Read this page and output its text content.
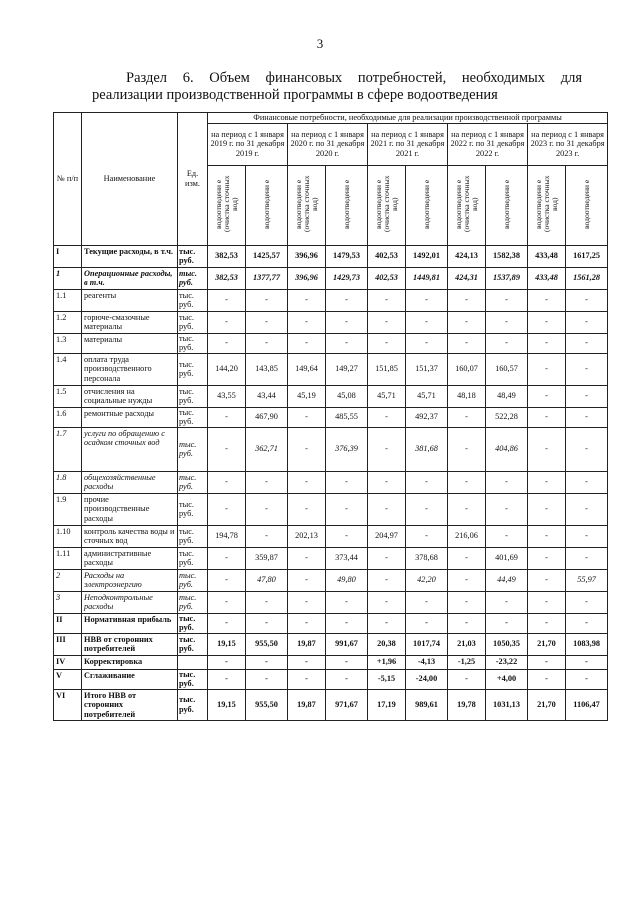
3
Раздел 6. Объем финансовых потребностей, необходимых для
реализации производственной программы в сфере водоотведения
№ п/п	Наименование	Ед. изм.	Финансовые потребности, необходимые для реализации производственной программы									
			на период с 1 января 2019 г. по 31 декабря 2019 г.		на период с 1 января 2020 г. по 31 декабря 2020 г.		на период с 1 января 2021 г. по 31 декабря 2021 г.		на период с 1 января 2022 г. по 31 декабря 2022 г.		на период с 1 января 2023 г. по 31 декабря 2023 г.	
			водоотведени е (очистка сточных вод)	водоотведени е	водоотведени е (очистка сточных вод)	водоотведени е	водоотведени е (очистка сточных вод)	водоотведени е	водоотведени е (очистка сточных вод)	водоотведени е	водоотведени е (очистка сточных вод)	водоотведени е
I	Текущие расходы, в т.ч.	тыс. руб.	382,53	1425,57	396,96	1479,53	402,53	1492,01	424,13	1582,38	433,48	1617,25
1	Операционные расходы, в т.ч.	тыс. руб.	382,53	1377,77	396,96	1429,73	402,53	1449,81	424,31	1537,89	433,48	1561,28
1.1	реагенты	тыс. руб.	-	-	-	-	-	-	-	-	-	-
1.2	горюче-смазочные материалы	тыс. руб.	-	-	-	-	-	-	-	-	-	-
1.3	материалы	тыс. руб.	-	-	-	-	-	-	-	-	-	-
1.4	оплата труда производственного персонала	тыс. руб.	144,20	143,85	149,64	149,27	151,85	151,37	160,07	160,57	-	-
1.5	отчисления на социальные нужды	тыс. руб.	43,55	43,44	45,19	45,08	45,71	45,71	48,18	48,49	-	-
1.6	ремонтные расходы	тыс. руб.	-	467,90	-	485,55	-	492,37	-	522,28	-	-
1.7	услуги по обращению с осадком сточных вод	тыс. руб.	-	362,71	-	376,39	-	381,68	-	404,86	-	-
1.8	общехозяйственные расходы	тыс. руб.	-	-	-	-	-	-	-	-	-	-
1.9	прочие производственные расходы	тыс. руб.	-	-	-	-	-	-	-	-	-	-
1.10	контроль качества воды и сточных вод	тыс. руб.	194,78	-	202,13	-	204,97	-	216,06	-	-	-
1.11	административные расходы	тыс. руб.	-	359,87	-	373,44	-	378,68	-	401,69	-	-
2	Расходы на электроэнергию	тыс. руб.	-	47,80	-	49,80	-	42,20	-	44,49	-	55,97
3	Неподконтрольные расходы	тыс. руб.	-	-	-	-	-	-	-	-	-	-
II	Нормативная прибыль	тыс. руб.	-	-	-	-	-	-	-	-	-	-
III	НВВ от сторонних потребителей	тыс. руб.	19,15	955,50	19,87	991,67	20,38	1017,74	21,03	1050,35	21,70	1083,98
IV	Корректировка		-	-	-	-	+1,96	-4,13	-1,25	-23,22	-	-
V	Сглаживание	тыс. руб.	-	-	-	-	-5,15	-24,00	-	+4,00	-	-
VI	Итого НВВ от сторонних потребителей	тыс. руб.	19,15	955,50	19,87	971,67	17,19	989,61	19,78	1031,13	21,70	1106,47
